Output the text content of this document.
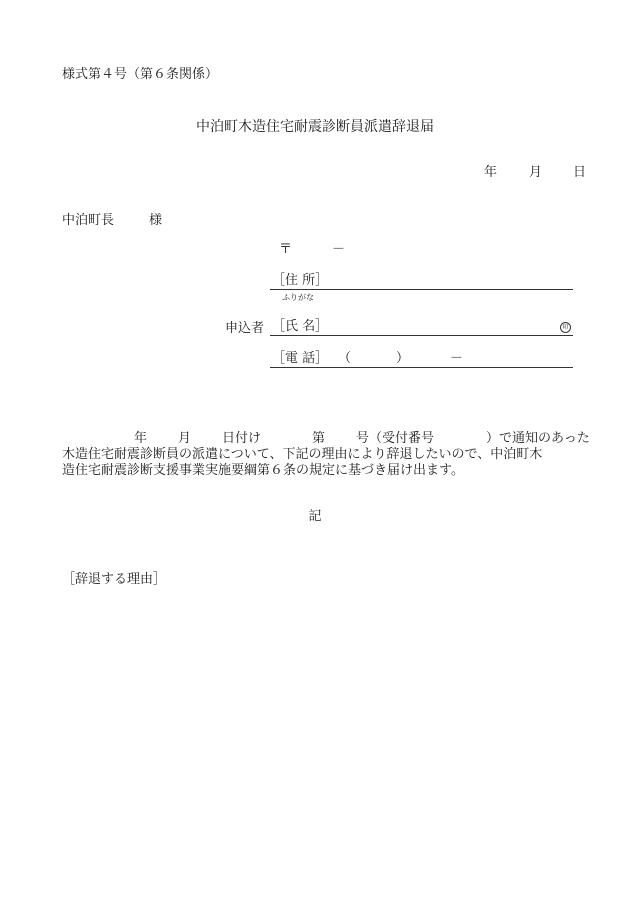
様式第４号（第６条関係）
中泊町木造住宅耐震診断員派遣辞退届
年 月 日
中泊町長	様
〒	－
［住 所］
ふりがな
申込者 ［氏 名］	印
［電 話］ （	）	－

年 月 日付け	第 号（受付番号	）で通知のあった

木造住宅耐震診断員の派遣について、下記の理由により辞退したいので、中泊町木

造住宅耐震診断支援事業実施要綱第６条の規定に基づき届け出ます。

記
［辞退する理由］
